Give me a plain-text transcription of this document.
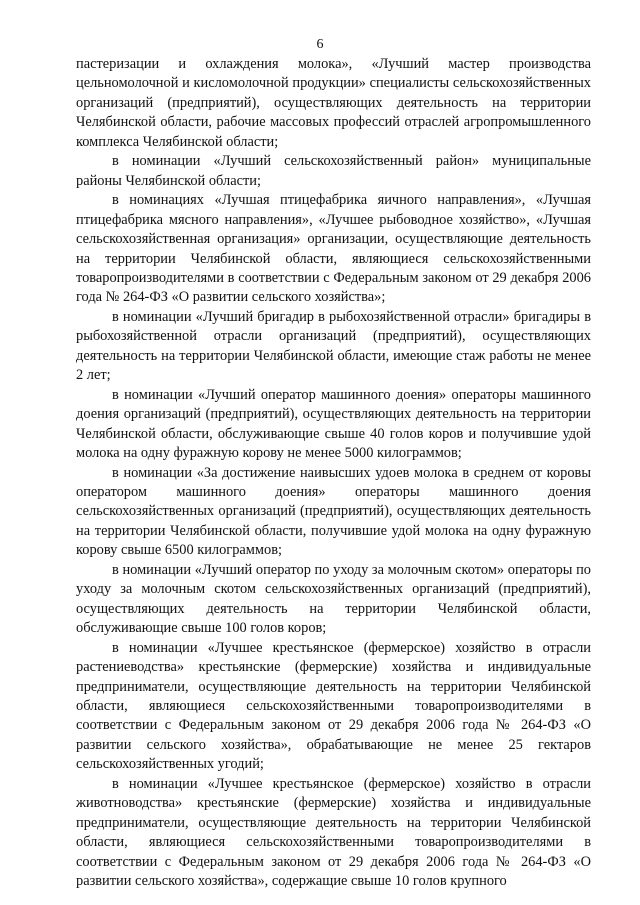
6

пастеризации и охлаждения молока», «Лучший мастер производства цельномолочной и кисломолочной продукции» специалисты сельскохозяйственных организаций (предприятий), осуществляющих деятельность на территории Челябинской области, рабочие массовых профессий отраслей агропромышленного комплекса Челябинской области;

в номинации «Лучший сельскохозяйственный район» муниципальные районы Челябинской области;

в номинациях «Лучшая птицефабрика яичного направления», «Лучшая птицефабрика мясного направления», «Лучшее рыбоводное хозяйство», «Лучшая сельскохозяйственная организация» организации, осуществляющие деятельность на территории Челябинской области, являющиеся сельскохозяйственными товаропроизводителями в соответствии с Федеральным законом от 29 декабря 2006 года № 264-ФЗ «О развитии сельского хозяйства»;

в номинации «Лучший бригадир в рыбохозяйственной отрасли» бригадиры в рыбохозяйственной отрасли организаций (предприятий), осуществляющих деятельность на территории Челябинской области, имеющие стаж работы не менее 2 лет;

в номинации «Лучший оператор машинного доения» операторы машинного доения организаций (предприятий), осуществляющих деятельность на территории Челябинской области, обслуживающие свыше 40 голов коров и получившие удой молока на одну фуражную корову не менее 5000 килограммов;

в номинации «За достижение наивысших удоев молока в среднем от коровы оператором машинного доения» операторы машинного доения сельскохозяйственных организаций (предприятий), осуществляющих деятельность на территории Челябинской области, получившие удой молока на одну фуражную корову свыше 6500 килограммов;

в номинации «Лучший оператор по уходу за молочным скотом» операторы по уходу за молочным скотом сельскохозяйственных организаций (предприятий), осуществляющих деятельность на территории Челябинской области, обслуживающие свыше 100 голов коров;

в номинации «Лучшее крестьянское (фермерское) хозяйство в отрасли растениеводства» крестьянские (фермерские) хозяйства и индивидуальные предприниматели, осуществляющие деятельность на территории Челябинской области, являющиеся сельскохозяйственными товаропроизводителями в соответствии с Федеральным законом от 29 декабря 2006 года № 264-ФЗ «О развитии сельского хозяйства», обрабатывающие не менее 25 гектаров сельскохозяйственных угодий;

в номинации «Лучшее крестьянское (фермерское) хозяйство в отрасли животноводства» крестьянские (фермерские) хозяйства и индивидуальные предприниматели, осуществляющие деятельность на территории Челябинской области, являющиеся сельскохозяйственными товаропроизводителями в соответствии с Федеральным законом от 29 декабря 2006 года № 264-ФЗ «О развитии сельского хозяйства», содержащие свыше 10 голов крупного
